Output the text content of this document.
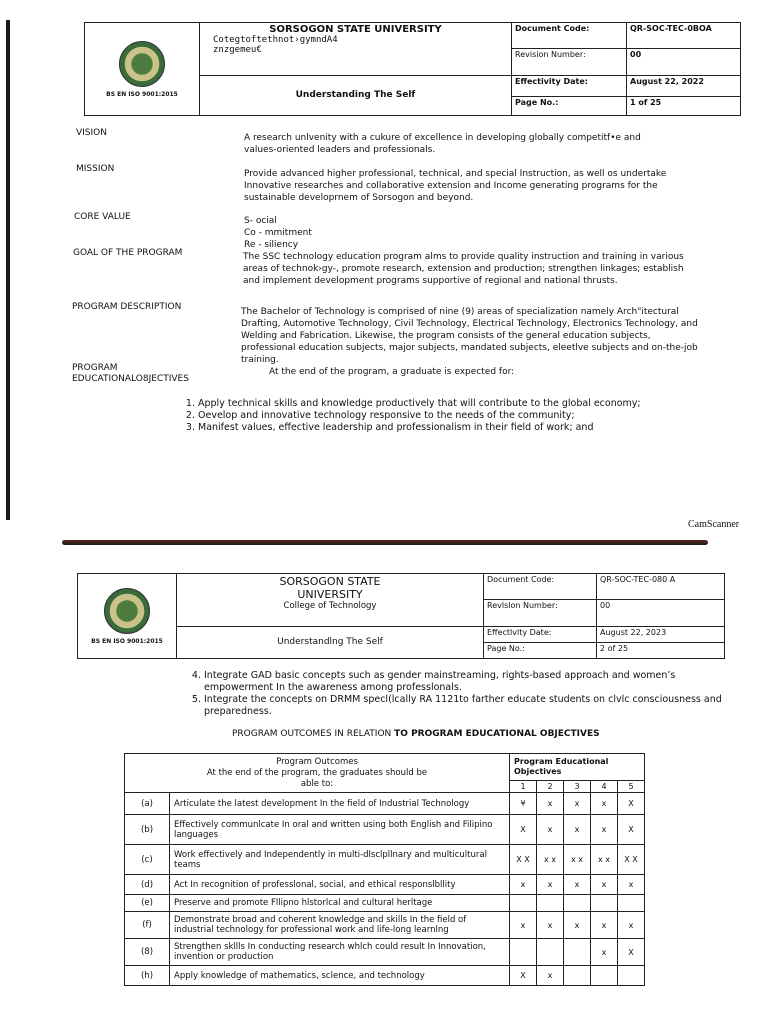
BS EN ISO 9001:2015	SORSOGON STATE UNIVERSITY
Cotegtoftethnot›gymndA4
znzgemeu€	Document Code:	QR-SOC-TEC-0BOA
		Revision Number:	00
	Understanding The Self	Effectivity Date:	August 22, 2022
		Page No.:	1 of 25
VISION	A research unlvenity with a cukure of excellence in developing globally competitf•e and values-oriented leaders and professionals.
MISSION	Provide advanced higher professional, technical, and special Instruction, as well os undertake Innovative researches and collaborative extension and Income generating programs for the sustainable developrnem of Sorsogon and beyond.
CORE VALUE	S- ocial
Co - mmitment
Re - siliency
GOAL OF THE PROGRAM	The SSC technology education program alms to provide quality instruction and training in various areas of technok›gy-, promote research, extension and production; strengthen linkages; establish and implement development programs supportive of regional and national thrusts.
PROGRAM DESCRIPTION	The Bachelor of Technology is comprised of nine (9) areas of specialization namely Arch"itectural Drafting, Automotive Technology, Civil Technology, Electrical Technology, Electronics Technology, and Welding and Fabrication. Likewise, the program consists of the general education subjects, professional education subjects, major subjects, mandated subjects, eleetlve subjects and on-the-job training.
PROGRAM
EDUCATIONALO8JECTIVES
At the end of the program, a graduate is expected for:
1. Apply technical skills and knowledge productively that will contribute to the global economy;
2. Oevelop and innovative technology responsive to the needs of the community;
3. Manifest values, effective leadership and professionalism in their field of work; and
CamScanner
BS EN ISO 9001:2015	SORSOGON STATE UNIVERSITY
College of Technology	Document Code:	QR-SOC-TEC-080 A
		Revlslon Number:	00
	Understandlng The Self	Effectlvlty Date:	August 22, 2023
		Page No.:	2 of 25
4. Integrate GAD basic concepts such as gender mainstreaming, rights-based approach and women’s empowerment In the awareness among professlonals.
5. Integrate the concepts on DRMM specl(lcally RA 1121to farther educate students on clvlc consciousness and preparedness.
PROGRAM OUTCOMES IN RELATION TO PROGRAM EDUCATIONAL OBJECTIVES
Program Outcomes
At the end of the program, the graduates should be
able to:		Program Educational Objectives				
		1	2	3	4	5
(a)	Articulate the latest development In the field of Industrial Technology	¥	x	x	x	X
(b)	Effectively communlcate In oral and written using both English and Filipino languages	X	x	x	x	X
(c)	Work effectively and Independently in multi-dlsclpllnary and multicultural teams	X X	x x	x x	x x	X X
(d)	Act In recognition of professlonal, social, and ethical responslbllity	x	x	x	x	x
(e)	Preserve and promote Fllipno hlstorlcal and cultural herltage					
(f)	Demonstrate broad and coherent knowledge and skills In the field of industrial technology for professional work and life-long learnlng	x	x	x	x	x
(8)	Strengthen skllls In conducting research whlch could result In Innovation, invention or production				x	X
(h)	Apply knowledge of mathematics, sclence, and technology	X	x			
